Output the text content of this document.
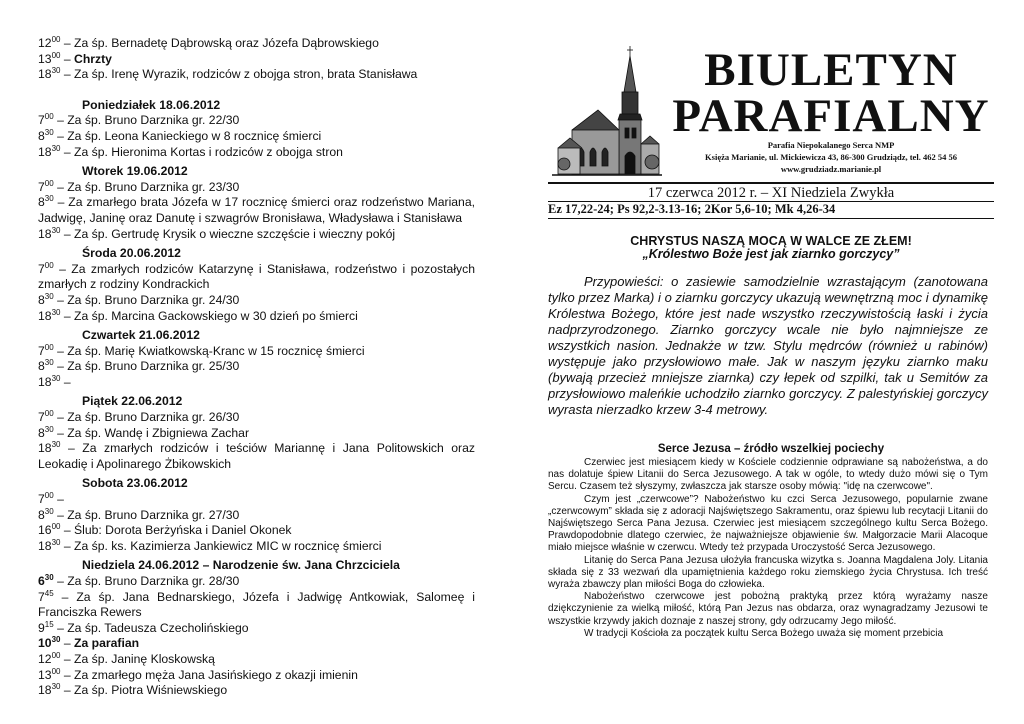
$12^{00}$ – Za śp. Bernadetę Dąbrowską oraz Józefa Dąbrowskiego
$13^{00}$ – Chrzty
$18^{30}$ – Za śp. Irenę Wyrazik, rodziców z obojga stron, brata Stanisława
Poniedziałek 18.06.2012
$7^{00}$ – Za śp. Bruno Darznika gr. 22/30
$8^{30}$ – Za śp. Leona Kanieckiego w 8 rocznicę śmierci
$18^{30}$ – Za śp. Hieronima Kortas i rodziców z obojga stron
Wtorek 19.06.2012
$7^{00}$ – Za śp. Bruno Darznika gr. 23/30
$8^{30}$ – Za zmarłego brata Józefa w 17 rocznicę śmierci oraz rodzeństwo Mariana, Jadwigę, Janinę oraz Danutę i szwagrów Bronisława, Władysława i Stanisława
$18^{30}$ – Za śp. Gertrudę Krysik o wieczne szczęście i wieczny pokój
Środa 20.06.2012
$7^{00}$ – Za zmarłych rodziców Katarzynę i Stanisława, rodzeństwo i pozostałych zmarłych z rodziny Kondrackich
$8^{30}$ – Za śp. Bruno Darznika gr. 24/30
$18^{30}$ – Za śp. Marcina Gackowskiego w 30 dzień po śmierci
Czwartek 21.06.2012
$7^{00}$ – Za śp. Marię Kwiatkowską-Kranc w 15 rocznicę śmierci
$8^{30}$ – Za śp. Bruno Darznika gr. 25/30
$18^{30}$ –
Piątek 22.06.2012
$7^{00}$ – Za śp. Bruno Darznika gr. 26/30
$8^{30}$ – Za śp. Wandę i Zbigniewa Zachar
$18^{30}$ – Za zmarłych rodziców i teściów Mariannę i Jana Politowskich oraz Leokadię i Apolinarego Żbikowskich
Sobota 23.06.2012
$7^{00}$ –
$8^{30}$ – Za śp. Bruno Darznika gr. 27/30
$16^{00}$ – Ślub: Dorota Berżyńska i Daniel Okonek
$18^{30}$ – Za śp. ks. Kazimierza Jankiewicz MIC w rocznicę śmierci
Niedziela 24.06.2012 – Narodzenie św. Jana Chrzciciela
$6^{30}$ – Za śp. Bruno Darznika gr. 28/30
$7^{45}$ – Za śp. Jana Bednarskiego, Józefa i Jadwigę Antkowiak, Salomeę i Franciszka Rewers
$9^{15}$ – Za śp. Tadeusza Czecholińskiego
$10^{30}$ – Za parafian
$12^{00}$ – Za śp. Janinę Kloskowską
$13^{00}$ – Za zmarłego męża Jana Jasińskiego z okazji imienin
$18^{30}$ – Za śp. Piotra Wiśniewskiego
BIULETYN
PARAFIALNY
Parafia Niepokalanego Serca NMP
Księża Marianie, ul. Mickiewicza 43, 86-300 Grudziądz, tel. 462 54 56
www.grudziadz.marianie.pl
17 czerwca 2012 r. – XI Niedziela Zwykła
Ez 17,22-24; Ps 92,2-3.13-16; 2Kor 5,6-10; Mk 4,26-34
CHRYSTUS NASZĄ MOCĄ W WALCE ZE ZŁEM!
„Królestwo Boże jest jak ziarnko gorczycy”

Przypowieści: o zasiewie samodzielnie wzrastającym (zanotowana tylko przez Marka) i o ziarnku gorczycy ukazują wewnętrzną moc i dynamikę Królestwa Bożego, które jest nade wszystko rzeczywistością łaski i życia nadprzyrodzonego. Ziarnko gorczycy wcale nie było najmniejsze ze wszystkich nasion. Jednakże w tzw. Stylu mędrców (również u rabinów) występuje jako przysłowiowo małe. Jak w naszym języku ziarnko maku (bywają przecież mniejsze ziarnka) czy łepek od szpilki, tak u Semitów za przysłowiowo maleńkie uchodziło ziarnko gorczycy. Z palestyńskiej gorczycy wyrasta nierzadko krzew 3-4 metrowy.

Serce Jezusa – źródło wszelkiej pociechy

Czerwiec jest miesiącem kiedy w Kościele codziennie odprawiane są nabożeństwa, a do nas dolatuje śpiew Litanii do Serca Jezusowego. A tak w ogóle, to wtedy dużo mówi się o Tym Sercu. Czasem też słyszymy, zwłaszcza jak starsze osoby mówią: "idę na czerwcowe".

Czym jest „czerwcowe”? Nabożeństwo ku czci Serca Jezusowego, popularnie zwane „czerwcowym” składa się z adoracji Najświętszego Sakramentu, oraz śpiewu lub recytacji Litanii do Najświętszego Serca Pana Jezusa. Czerwiec jest miesiącem szczególnego kultu Serca Bożego. Prawdopodobnie dlatego czerwiec, że najważniejsze objawienie św. Małgorzacie Marii Alacoque miało miejsce właśnie w czerwcu. Wtedy też przypada Uroczystość Serca Jezusowego.

Litanię do Serca Pana Jezusa ułożyła francuska wizytka s. Joanna Magdalena Joly. Litania składa się z 33 wezwań dla upamiętnienia każdego roku ziemskiego życia Chrystusa. Ich treść wyraża zbawczy plan miłości Boga do człowieka.

Nabożeństwo czerwcowe jest pobożną praktyką przez którą wyrażamy nasze dziękczynienie za wielką miłość, którą Pan Jezus nas obdarza, oraz wynagradzamy Jezusowi te wszystkie krzywdy jakich doznaje z naszej strony, gdy odrzucamy Jego miłość.

W tradycji Kościoła za początek kultu Serca Bożego uważa się moment przebicia
